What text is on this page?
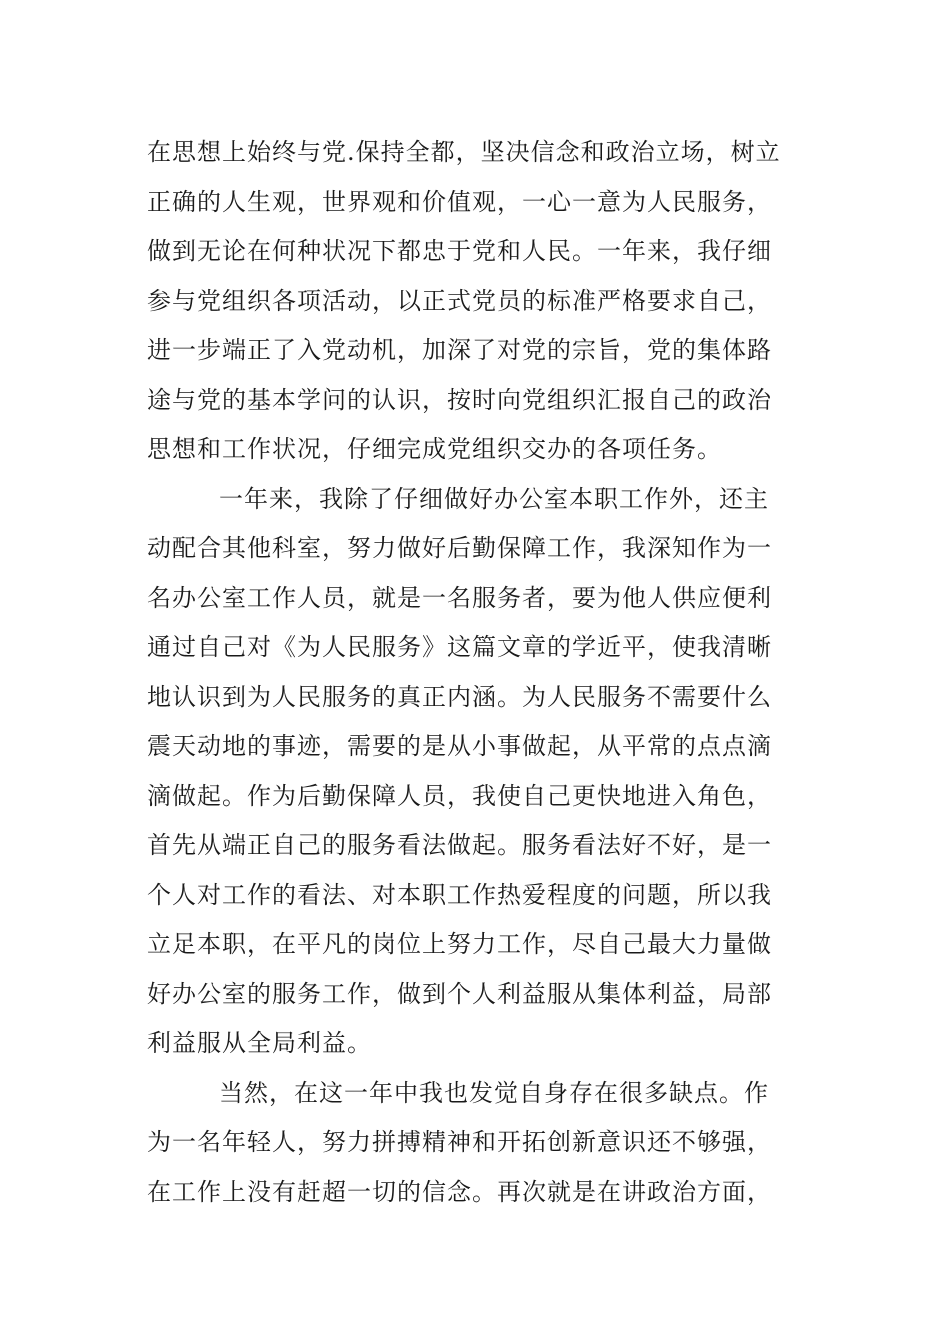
在思想上始终与党.保持全都，坚决信念和政治立场，树立
正确的人生观，世界观和价值观，一心一意为人民服务，
做到无论在何种状况下都忠于党和人民。一年来，我仔细
参与党组织各项活动，以正式党员的标准严格要求自己，
进一步端正了入党动机，加深了对党的宗旨，党的集体路
途与党的基本学问的认识，按时向党组织汇报自己的政治
思想和工作状况，仔细完成党组织交办的各项任务。
一年来，我除了仔细做好办公室本职工作外，还主
动配合其他科室，努力做好后勤保障工作，我深知作为一
名办公室工作人员，就是一名服务者，要为他人供应便利
通过自己对《为人民服务》这篇文章的学近平，使我清晰
地认识到为人民服务的真正内涵。为人民服务不需要什么
震天动地的事迹，需要的是从小事做起，从平常的点点滴
滴做起。作为后勤保障人员，我使自己更快地进入角色，
首先从端正自己的服务看法做起。服务看法好不好，是一
个人对工作的看法、对本职工作热爱程度的问题，所以我
立足本职，在平凡的岗位上努力工作，尽自己最大力量做
好办公室的服务工作，做到个人利益服从集体利益，局部
利益服从全局利益。
当然，在这一年中我也发觉自身存在很多缺点。作
为一名年轻人，努力拼搏精神和开拓创新意识还不够强，
在工作上没有赶超一切的信念。再次就是在讲政治方面，
